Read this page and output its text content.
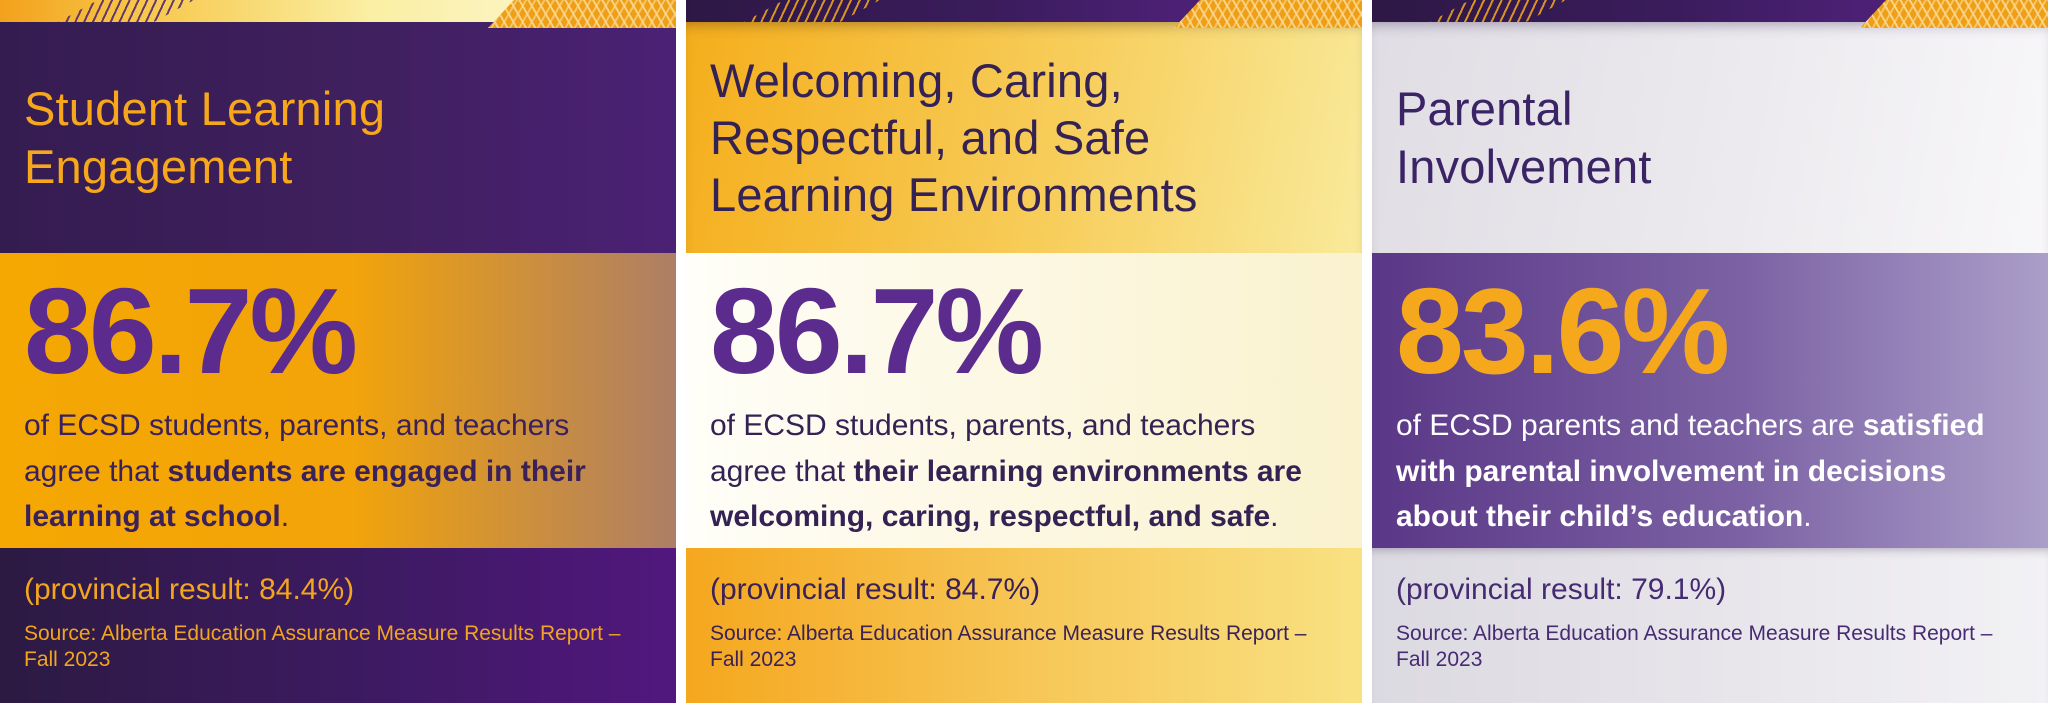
Student Learning Engagement
86.7%

of ECSD students, parents, and teachers agree that students are engaged in their learning at school.

(provincial result: 84.4%)
Source: Alberta Education Assurance Measure Results Report – Fall 2023
Welcoming, Caring, Respectful, and Safe Learning Environments
86.7%

of ECSD students, parents, and teachers agree that their learning environments are welcoming, caring, respectful, and safe.

(provincial result: 84.7%)
Source: Alberta Education Assurance Measure Results Report – Fall 2023
Parental Involvement
83.6%

of ECSD parents and teachers are satisfied with parental involvement in decisions about their child’s education.

(provincial result: 79.1%)
Source: Alberta Education Assurance Measure Results Report – Fall 2023
